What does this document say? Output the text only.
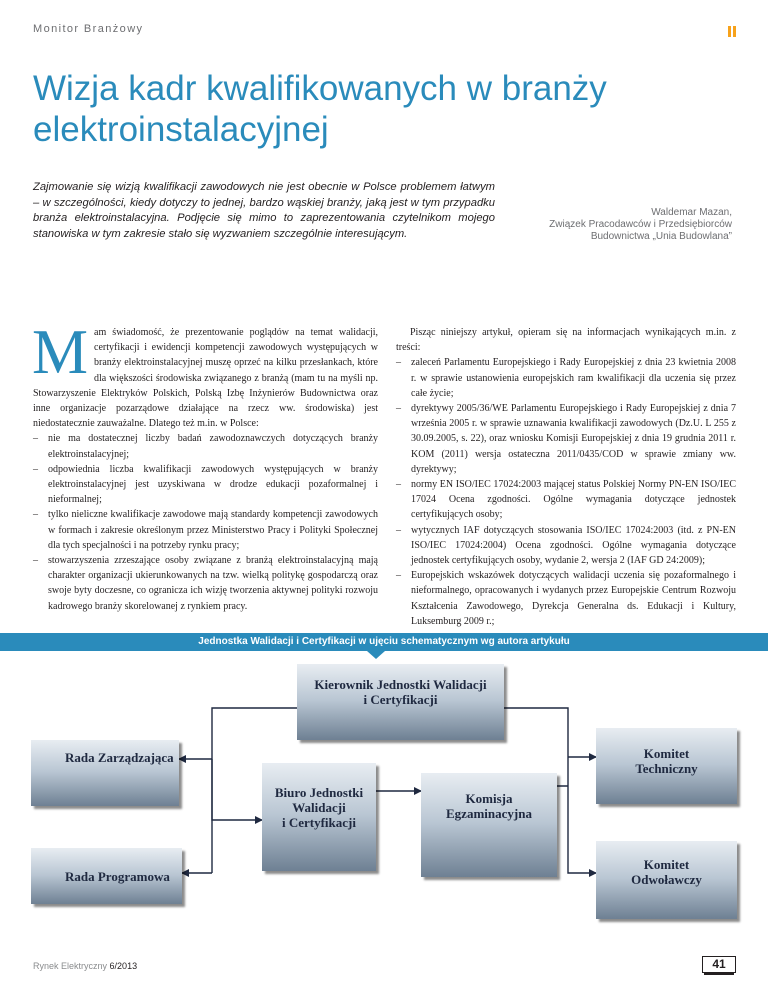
Monitor Branżowy
Wizja kadr kwalifikowanych w branży elektroinstalacyjnej

Zajmowanie się wizją kwalifikacji zawodowych nie jest obecnie w Polsce problemem łatwym – w szczególności, kiedy dotyczy to jednej, bardzo wąskiej branży, jaką jest w tym przypadku branża elektroinstalacyjna. Podjęcie się mimo to zaprezentowania czytelnikom mojego stanowiska w tym zakresie stało się wyzwaniem szczególnie interesującym.

Waldemar Mazan,
Związek Pracodawców i Przedsiębiorców
Budownictwa „Unia Budowlana”

Mam świadomość, że prezentowanie poglądów na temat walidacji, certyfikacji i ewidencji kompetencji zawodowych występujących w branży elektroinstalacyjnej muszę oprzeć na kilku przesłankach, które dla większości środowiska związanego z branżą (mam tu na myśli np. Stowarzyszenie Elektryków Polskich, Polską Izbę Inżynierów Budownictwa oraz inne organizacje pozarządowe działające na rzecz ww. środowiska) jest niedostatecznie zauważalne. Dlatego też m.in. w Polsce:

– nie ma dostatecznej liczby badań zawodoznawczych dotyczących branży elektroinstalacyjnej;
– odpowiednia liczba kwalifikacji zawodowych występujących w branży elektroinstalacyjnej jest uzyskiwana w drodze edukacji pozaformalnej i nieformalnej;
– tylko nieliczne kwalifikacje zawodowe mają standardy kompetencji zawodowych w formach i zakresie określonym przez Ministerstwo Pracy i Polityki Społecznej dla tych specjalności i na potrzeby rynku pracy;
– stowarzyszenia zrzeszające osoby związane z branżą elektroinstalacyjną mają charakter organizacji ukierunkowanych na tzw. wielką politykę gospodarczą oraz swoje byty doczesne, co ogranicza ich wizję tworzenia aktywnej polityki rozwoju kadrowego branży skorelowanej z rynkiem pracy.

Pisząc niniejszy artykuł, opieram się na informacjach wynikających m.in. z treści:

– zaleceń Parlamentu Europejskiego i Rady Europejskiej z dnia 23 kwietnia 2008 r. w sprawie ustanowienia europejskich ram kwalifikacji dla uczenia się przez całe życie;
– dyrektywy 2005/36/WE Parlamentu Europejskiego i Rady Europejskiej z dnia 7 września 2005 r. w sprawie uznawania kwalifikacji zawodowych (Dz.U. L 255 z 30.09.2005, s. 22), oraz wniosku Komisji Europejskiej z dnia 19 grudnia 2011 r. KOM (2011) wersja ostateczna 2011/0435/COD w sprawie zmiany ww. dyrektywy;
– normy EN ISO/IEC 17024:2003 mającej status Polskiej Normy PN-EN ISO/IEC 17024 Ocena zgodności. Ogólne wymagania dotyczące jednostek certyfikujących osoby;
– wytycznych IAF dotyczących stosowania ISO/IEC 17024:2003 (itd. z PN-EN ISO/IEC 17024:2004) Ocena zgodności. Ogólne wymagania dotyczące jednostek certyfikujących osoby, wydanie 2, wersja 2 (IAF GD 24:2009);
– Europejskich wskazówek dotyczących walidacji uczenia się pozaformalnego i nieformalnego, opracowanych i wydanych przez Europejskie Centrum Rozwoju Kształcenia Zawodowego, Dyrekcja Generalna ds. Edukacji i Kultury, Luksemburg 2009 r.;
Jednostka Walidacji i Certyfikacji w ujęciu schematycznym wg autora artykułu
Kierownik Jednostki Walidacji
i Certyfikacji
Rada Zarządzająca
Biuro Jednostki
Walidacji
i Certyfikacji
Komisja
Egzaminacyjna
Komitet
Techniczny
Rada Programowa
Komitet
Odwoławczy
Rynek Elektryczny 6/2013	41
